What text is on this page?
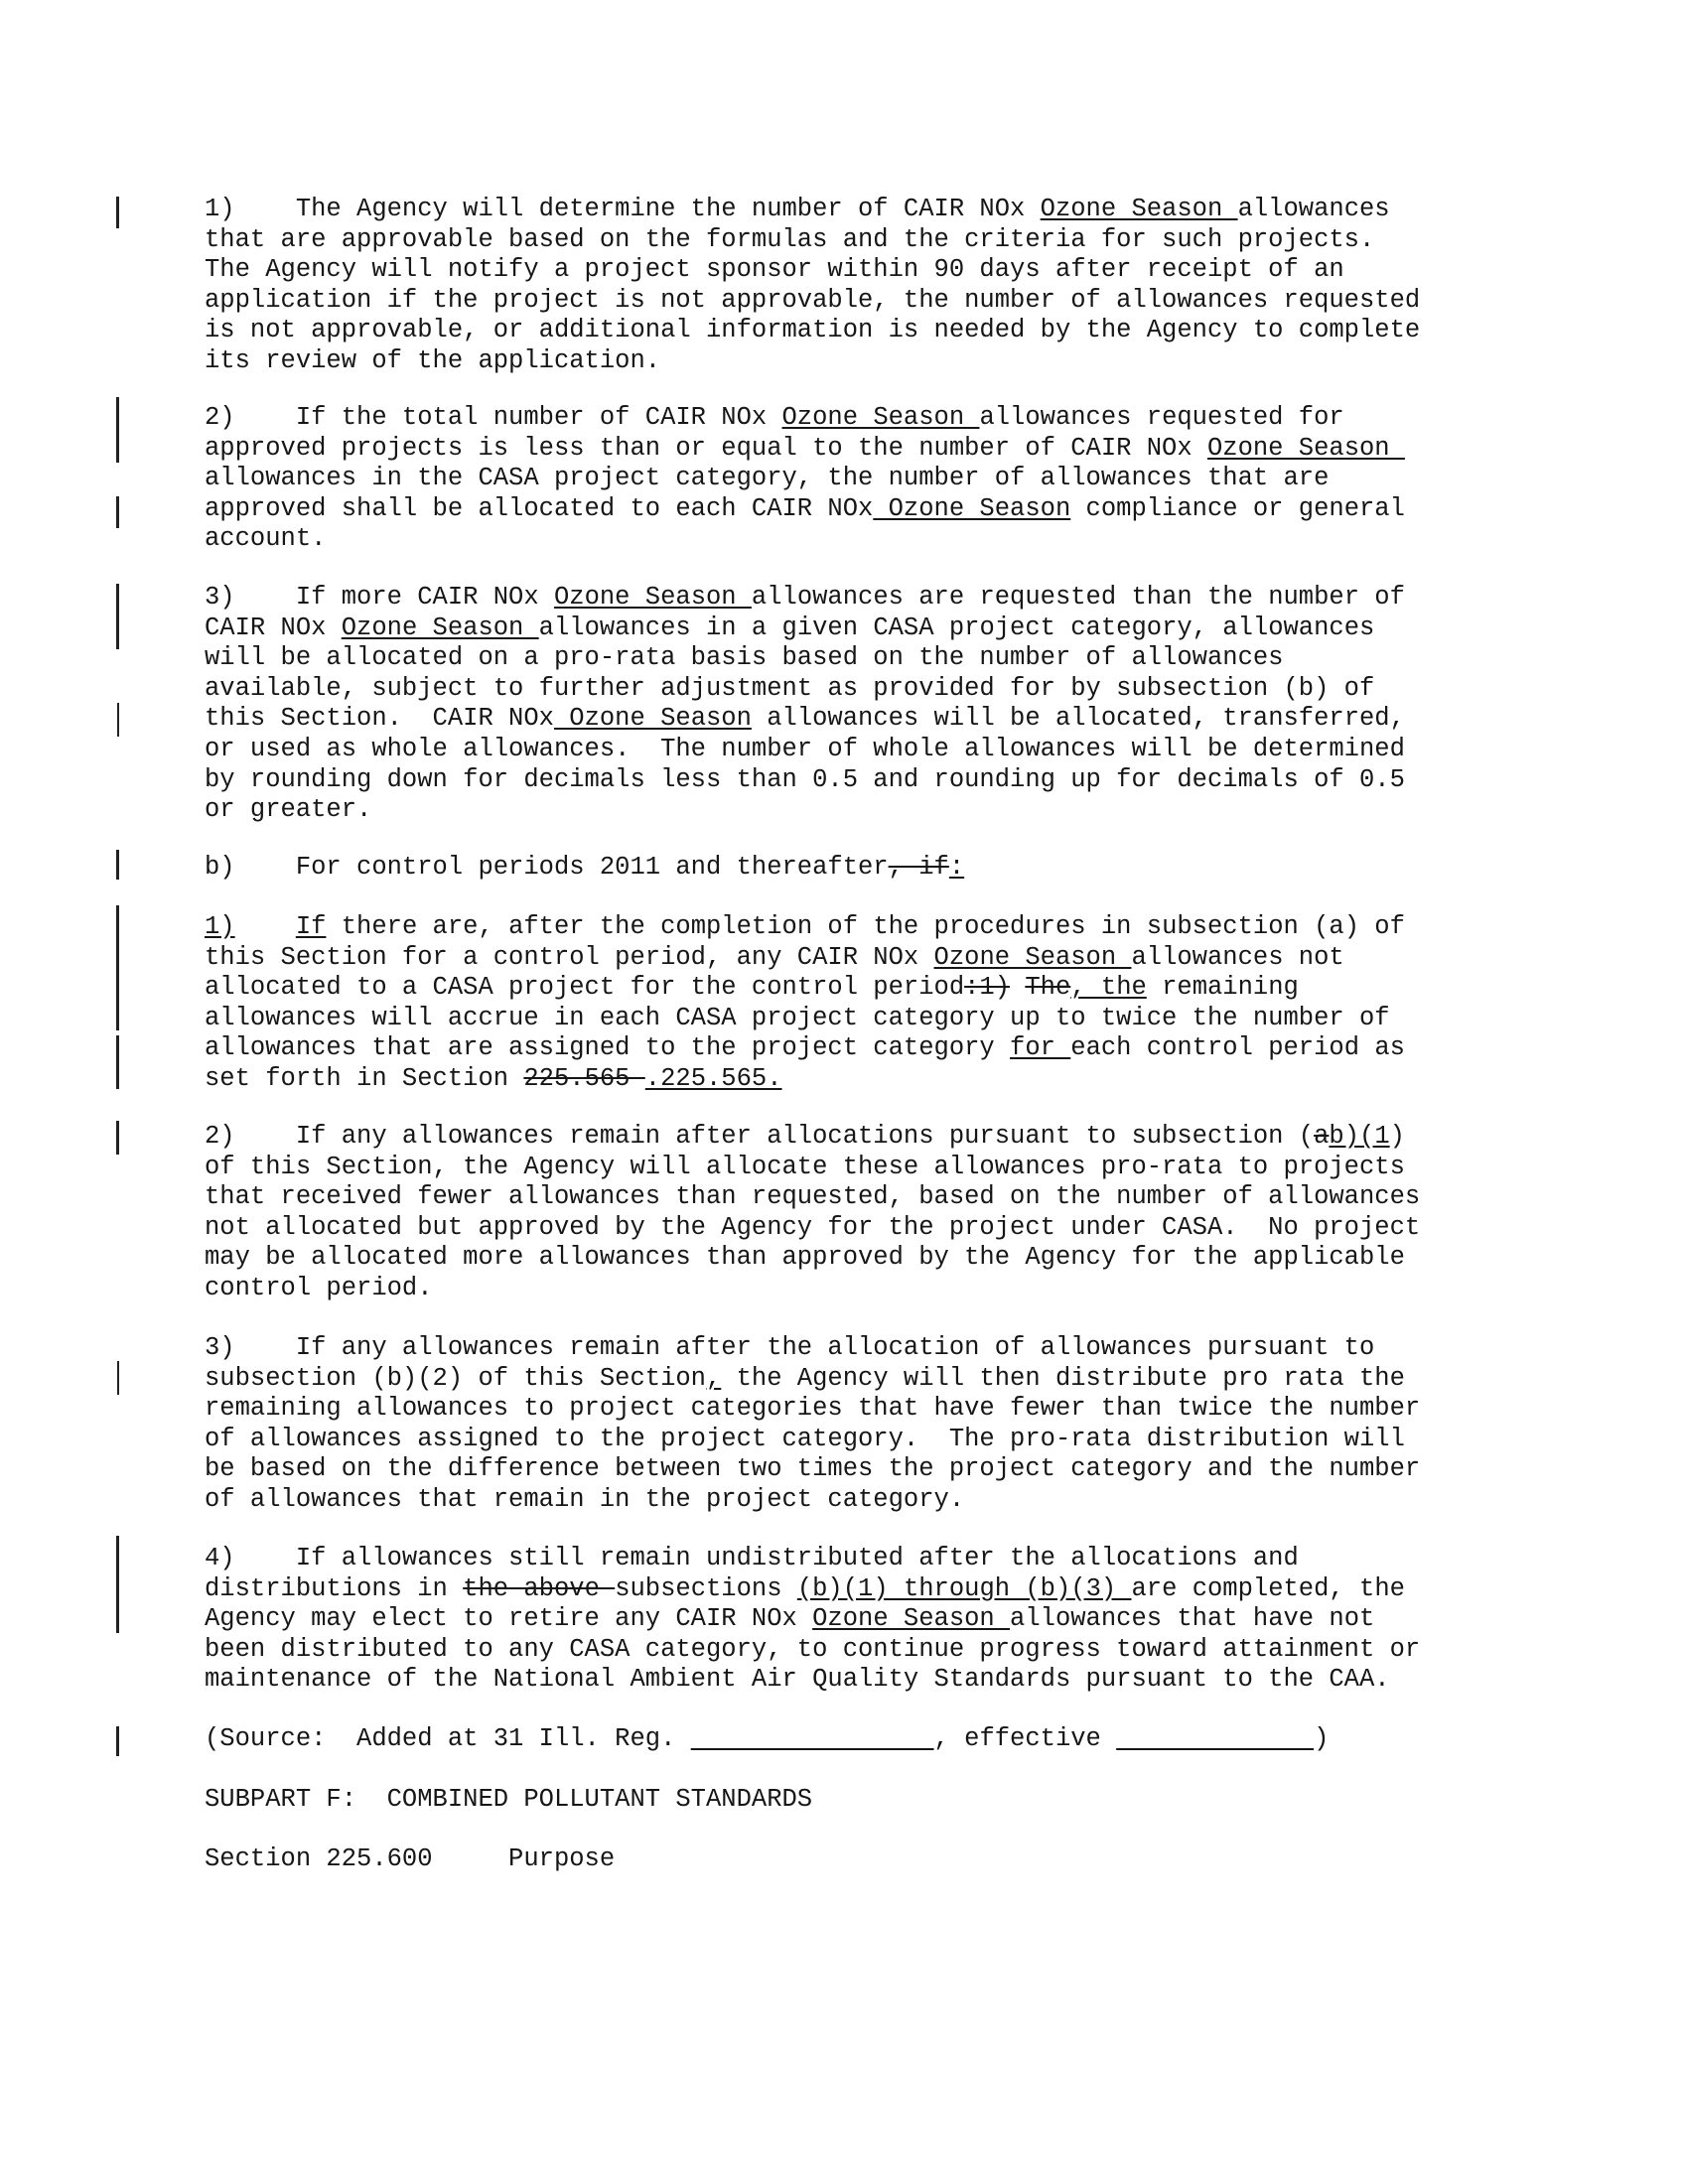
1)    The Agency will determine the number of CAIR NOx Ozone Season allowances
that are approvable based on the formulas and the criteria for such projects.
The Agency will notify a project sponsor within 90 days after receipt of an
application if the project is not approvable, the number of allowances requested
is not approvable, or additional information is needed by the Agency to complete
its review of the application.
2)    If the total number of CAIR NOx Ozone Season allowances requested for
approved projects is less than or equal to the number of CAIR NOx Ozone Season
allowances in the CASA project category, the number of allowances that are
approved shall be allocated to each CAIR NOx Ozone Season compliance or general
account.
3)    If more CAIR NOx Ozone Season allowances are requested than the number of
CAIR NOx Ozone Season allowances in a given CASA project category, allowances
will be allocated on a pro-rata basis based on the number of allowances
available, subject to further adjustment as provided for by subsection (b) of
this Section.  CAIR NOx Ozone Season allowances will be allocated, transferred,
or used as whole allowances.  The number of whole allowances will be determined
by rounding down for decimals less than 0.5 and rounding up for decimals of 0.5
or greater.
b)    For control periods 2011 and thereafter, if:
1) If there are, after the completion of the procedures in subsection (a) of
this Section for a control period, any CAIR NOx Ozone Season allowances not
allocated to a CASA project for the control period:1) The, the remaining
allowances will accrue in each CASA project category up to twice the number of
allowances that are assigned to the project category for each control period as
set forth in Section 225.565 .225.565.
2)    If any allowances remain after allocations pursuant to subsection (ab)(1)
of this Section, the Agency will allocate these allowances pro-rata to projects
that received fewer allowances than requested, based on the number of allowances
not allocated but approved by the Agency for the project under CASA.  No project
may be allocated more allowances than approved by the Agency for the applicable
control period.
3)    If any allowances remain after the allocation of allowances pursuant to
subsection (b)(2) of this Section, the Agency will then distribute pro rata the
remaining allowances to project categories that have fewer than twice the number
of allowances assigned to the project category.  The pro-rata distribution will
be based on the difference between two times the project category and the number
of allowances that remain in the project category.
4)    If allowances still remain undistributed after the allocations and
distributions in the above subsections (b)(1) through (b)(3) are completed, the
Agency may elect to retire any CAIR NOx Ozone Season allowances that have not
been distributed to any CASA category, to continue progress toward attainment or
maintenance of the National Ambient Air Quality Standards pursuant to the CAA.
(Source:  Added at 31 Ill. Reg.	, effective	)
SUBPART F:  COMBINED POLLUTANT STANDARDS
Section 225.600     Purpose
